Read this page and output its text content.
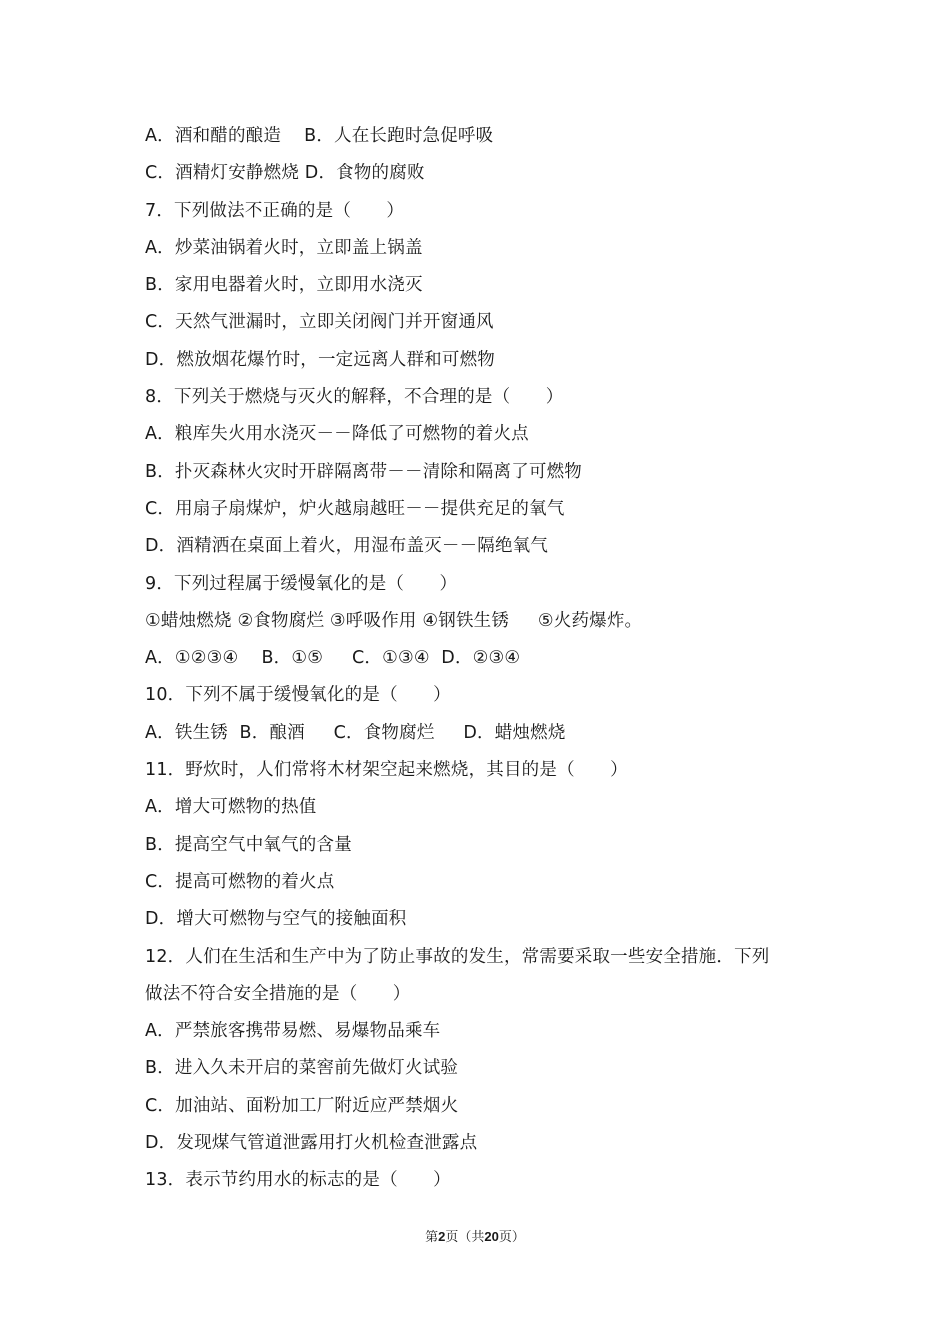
A．酒和醋的酿造    B．人在长跑时急促呼吸
C．酒精灯安静燃烧 D．食物的腐败
7．下列做法不正确的是（　　）
A．炒菜油锅着火时，立即盖上锅盖
B．家用电器着火时，立即用水浇灭
C．天然气泄漏时，立即关闭阀门并开窗通风
D．燃放烟花爆竹时，一定远离人群和可燃物
8．下列关于燃烧与灭火的解释，不合理的是（　　）
A．粮库失火用水浇灭－－降低了可燃物的着火点
B．扑灭森林火灾时开辟隔离带－－清除和隔离了可燃物
C．用扇子扇煤炉，炉火越扇越旺－－提供充足的氧气
D．酒精洒在桌面上着火，用湿布盖灭－－隔绝氧气
9．下列过程属于缓慢氧化的是（　　）
①蜡烛燃烧 ②食物腐烂 ③呼吸作用 ④钢铁生锈     ⑤火药爆炸。
A．①②③④    B．①⑤     C．①③④  D．②③④
10．下列不属于缓慢氧化的是（　　）
A．铁生锈  B．酿酒     C．食物腐烂     D．蜡烛燃烧
11．野炊时，人们常将木材架空起来燃烧，其目的是（　　）
A．增大可燃物的热值
B．提高空气中氧气的含量
C．提高可燃物的着火点
D．增大可燃物与空气的接触面积
12．人们在生活和生产中为了防止事故的发生，常需要采取一些安全措施．下列
做法不符合安全措施的是（　　）
A．严禁旅客携带易燃、易爆物品乘车
B．进入久未开启的菜窖前先做灯火试验
C．加油站、面粉加工厂附近应严禁烟火
D．发现煤气管道泄露用打火机检查泄露点
13．表示节约用水的标志的是（　　）
第2页（共20页）
